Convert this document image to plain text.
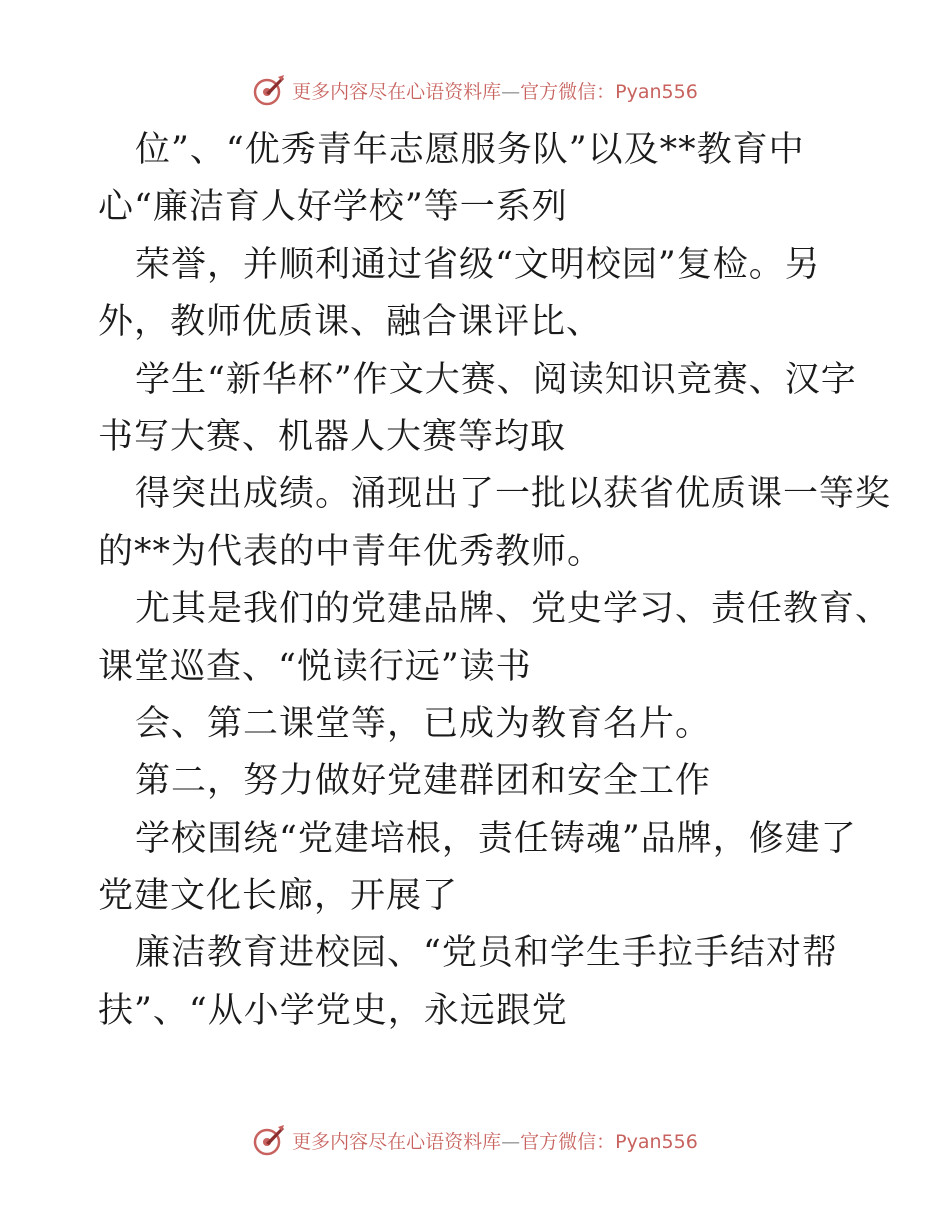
更多内容尽在心语资料库—官方微信：Pyan556
位”、“优秀青年志愿服务队”以及**教育中
心“廉洁育人好学校”等一系列
荣誉，并顺利通过省级“文明校园”复检。另
外，教师优质课、融合课评比、
学生“新华杯”作文大赛、阅读知识竞赛、汉字
书写大赛、机器人大赛等均取
得突出成绩。涌现出了一批以获省优质课一等奖
的**为代表的中青年优秀教师。
尤其是我们的党建品牌、党史学习、责任教育、
课堂巡查、“悦读行远”读书
会、第二课堂等，已成为教育名片。
第二，努力做好党建群团和安全工作
学校围绕“党建培根，责任铸魂”品牌，修建了
党建文化长廊，开展了
廉洁教育进校园、“党员和学生手拉手结对帮
扶”、“从小学党史，永远跟党
更多内容尽在心语资料库—官方微信：Pyan556
